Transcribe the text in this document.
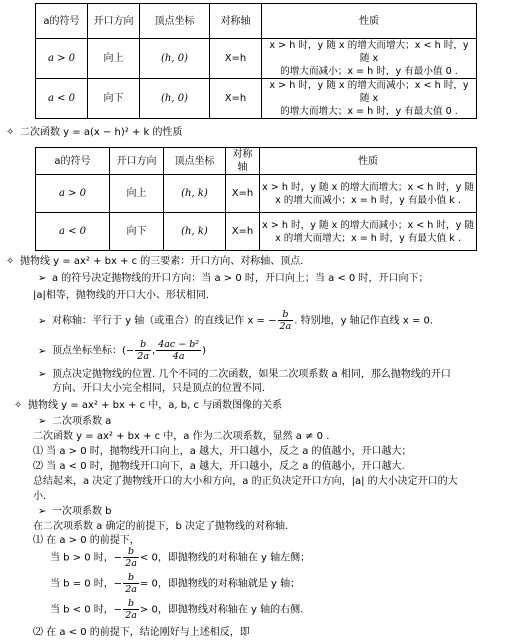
a的符号	开口方向	顶点坐标	对称轴	性质
a > 0	向上	(h, 0)	X=h	x > h 时，y 随 x 的增大而增大；x < h 时，y 随 x
的增大而减小；x = h 时，y 有最小值 0 .

a < 0	向下	(h, 0)	X=h	x > h 时，y 随 x 的增大而减小；x < h 时，y 随 x
的增大而增大；x = h 时，y 有最大值 0 .
✧ 二次函数 y = a(x − h)² + k 的性质
a的符号	开口方向	顶点坐标	对称轴	性质
a > 0	向上	(h, k)	X=h	x > h 时，y 随 x 的增大而增大；x < h 时，y 随
x 的增大而减小；x = h 时，y 有最小值 k .

a < 0	向下	(h, k)	X=h	x > h 时，y 随 x 的增大而减小；x < h 时，y 随
x 的增大而增大；x = h 时，y 有最大值 k .
✧ 抛物线 y = ax² + bx + c 的三要素：开口方向、对称轴、顶点.
➢ a 的符号决定抛物线的开口方向：当 a > 0 时，开口向上；当 a < 0 时，开口向下；
|a|相等，抛物线的开口大小、形状相同.
➢ 对称轴：平行于 y 轴（或重合）的直线记作 x = − $\frac{b}{2a}$ . 特别地，y 轴记作直线 x = 0.
➢ 顶点坐标坐标：(− $\frac{b}{2a}$ , $\frac{\text{4ac − b²}}{4a}$ )
➢ 顶点决定抛物线的位置. 几个不同的二次函数，如果二次项系数 a 相同，那么抛物线的开口
方向、开口大小完全相同，只是顶点的位置不同.
✧ 抛物线 y = ax² + bx + c 中，a, b, c 与函数图像的关系
➢ 二次项系数 a
二次函数 y = ax² + bx + c 中，a 作为二次项系数，显然 a ≠ 0 .
⑴ 当 a > 0 时，抛物线开口向上，a 越大，开口越小，反之 a 的值越小，开口越大；
⑵ 当 a < 0 时，抛物线开口向下，a 越大，开口越小，反之 a 的值越小，开口越大.
总结起来，a 决定了抛物线开口的大小和方向，a 的正负决定开口方向，|a| 的大小决定开口的大
小.
➢ 一次项系数 b
在二次项系数 a 确定的前提下，b 决定了抛物线的对称轴.
⑴ 在 a > 0 的前提下，
当 b > 0 时，− $\frac{b}{2a} < 0$，即抛物线的对称轴在 y 轴左侧；
当 b = 0 时，− $\frac{b}{2a} = 0$，即抛物线的对称轴就是 y 轴；
当 b < 0 时，− $\frac{b}{2a} > 0$，即抛物线对称轴在 y 轴的右侧.
⑵ 在 a < 0 的前提下，结论刚好与上述相反，即
